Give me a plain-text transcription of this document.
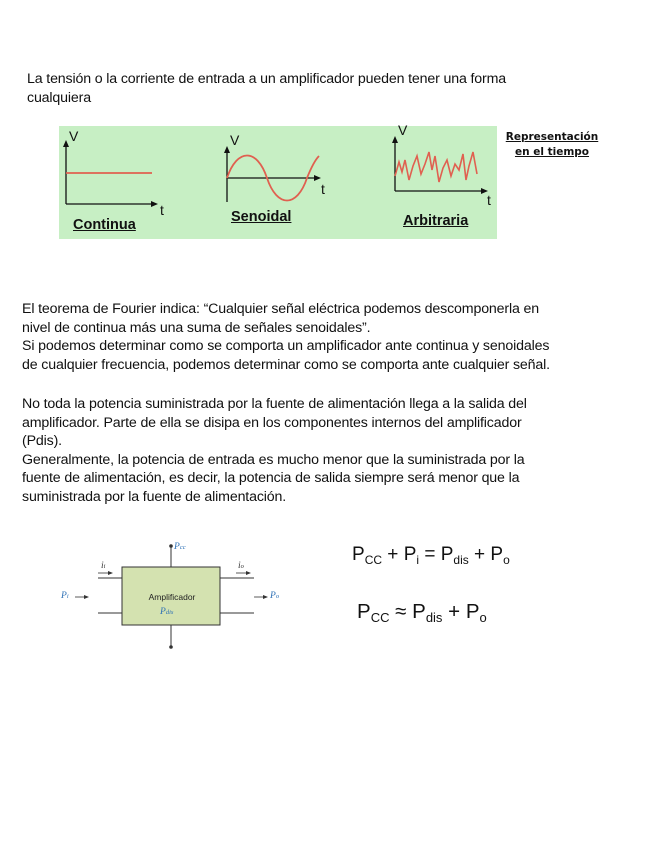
La tensión o la corriente de entrada a un amplificador pueden tener una forma
cualquiera
V
t
V
t
V
t
Continua	Senoidal	Arbitraria
Representación
en el tiempo
El teorema de Fourier indica: “Cualquier señal eléctrica podemos descomponerla en
nivel de continua más una suma de señales senoidales”.
Si podemos determinar como se comporta un amplificador ante continua y senoidales
de cualquier frecuencia, podemos determinar como se comporta ante cualquier señal.
No toda la potencia suministrada por la fuente de alimentación llega a la salida del
amplificador. Parte de ella se disipa en los componentes internos del amplificador
(Pdis).
Generalmente, la potencia de entrada es mucho menor que la suministrada por la
fuente de alimentación, es decir, la potencia de salida siempre será menor que la
suministrada por la fuente de alimentación.
Amplificador
Pdis
Pcc
Pi	Po
ii	io
$P_{CC} + P_i = P_{dis} + P_o$
$P_{CC} \approx P_{dis} + P_o$
